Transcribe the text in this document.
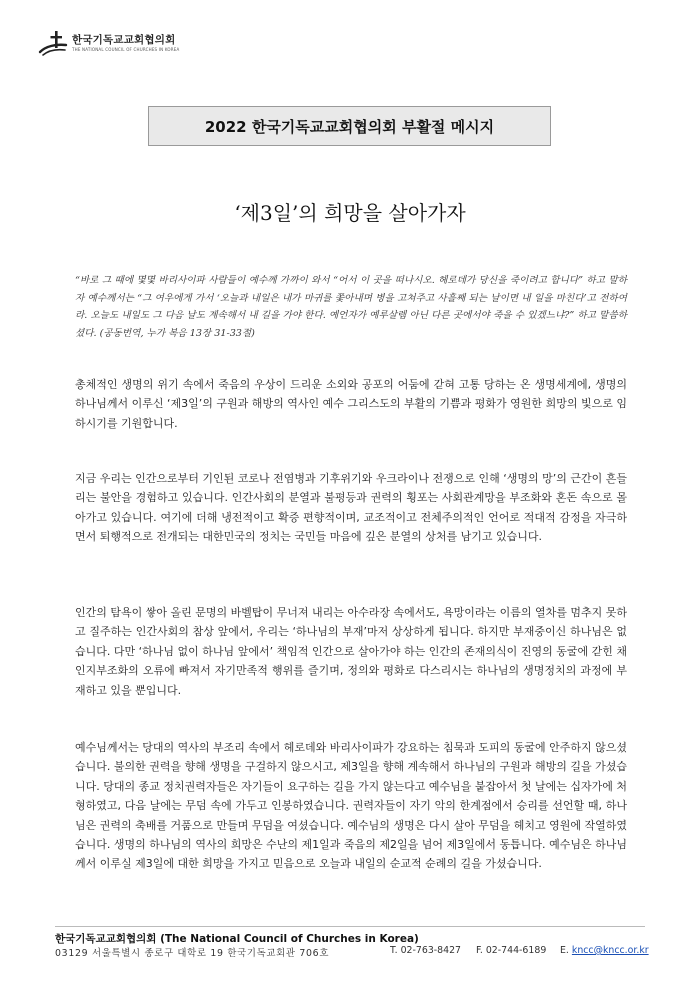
한국기독교교회협의회
THE NATIONAL COUNCIL OF CHURCHES IN KOREA
2022 한국기독교교회협의회 부활절 메시지
‘제3일’의 희망을 살아가자
“바로 그 때에 몇몇 바리사이파 사람들이 예수께 가까이 와서 “어서 이 곳을 떠나시오. 헤로데가 당신을 죽이려고 합니다” 하고 말하자 예수께서는 “그 여우에게 가서 ‘오늘과 내일은 내가 마귀를 쫓아내며 병을 고쳐주고 사흘째 되는 날이면 내 일을 마친다’고 전하여라. 오늘도 내일도 그 다음 날도 계속해서 내 길을 가야 한다. 예언자가 예루살렘 아닌 다른 곳에서야 죽을 수 있겠느냐?” 하고 말씀하셨다. (공동번역, 누가 복음 13장 31-33절)

총체적인 생명의 위기 속에서 죽음의 우상이 드리운 소외와 공포의 어둠에 갇혀 고통 당하는 온 생명세계에, 생명의 하나님께서 이루신 ‘제3일’의 구원과 해방의 역사인 예수 그리스도의 부활의 기쁨과 평화가 영원한 희망의 빛으로 임하시기를 기원합니다.

지금 우리는 인간으로부터 기인된 코로나 전염병과 기후위기와 우크라이나 전쟁으로 인해 ‘생명의 망’의 근간이 흔들리는 불안을 경험하고 있습니다. 인간사회의 분열과 불평등과 권력의 횡포는 사회관계망을 부조화와 혼돈 속으로 몰아가고 있습니다. 여기에 더해 냉전적이고 확증 편향적이며, 교조적이고 전체주의적인 언어로 적대적 감정을 자극하면서 퇴행적으로 전개되는 대한민국의 정치는 국민들 마음에 깊은 분열의 상처를 남기고 있습니다.

인간의 탐욕이 쌓아 올린 문명의 바벨탑이 무너져 내리는 아수라장 속에서도, 욕망이라는 이름의 열차를 멈추지 못하고 질주하는 인간사회의 참상 앞에서, 우리는 ‘하나님의 부재’마저 상상하게 됩니다. 하지만 부재중이신 하나님은 없습니다. 다만 ‘하나님 없이 하나님 앞에서’ 책임적 인간으로 살아가야 하는 인간의 존재의식이 진영의 동굴에 갇힌 채 인지부조화의 오류에 빠져서 자기만족적 행위를 즐기며, 정의와 평화로 다스리시는 하나님의 생명정치의 과정에 부재하고 있을 뿐입니다.

예수님께서는 당대의 역사의 부조리 속에서 헤로데와 바리사이파가 강요하는 침묵과 도피의 동굴에 안주하지 않으셨습니다. 불의한 권력을 향해 생명을 구걸하지 않으시고, 제3일을 향해 계속해서 하나님의 구원과 해방의 길을 가셨습니다. 당대의 종교 정치권력자들은 자기들이 요구하는 길을 가지 않는다고 예수님을 붙잡아서 첫 날에는 십자가에 처형하였고, 다음 날에는 무덤 속에 가두고 인봉하였습니다. 권력자들이 자기 악의 한계점에서 승리를 선언할 때, 하나님은 권력의 축배를 거품으로 만들며 무덤을 여셨습니다. 예수님의 생명은 다시 살아 무덤을 헤치고 영원에 작열하였습니다. 생명의 하나님의 역사의 희망은 수난의 제1일과 죽음의 제2일을 넘어 제3일에서 동틉니다. 예수님은 하나님께서 이루실 제3일에 대한 희망을 가지고 믿음으로 오늘과 내일의 순교적 순례의 길을 가셨습니다.

한국기독교교회협의회 (The National Council of Churches in Korea)
03129 서울특별시 종로구 대학로 19 한국기독교회관 706호	T. 02-763-8427 F. 02-744-6189 E. kncc@kncc.or.kr
